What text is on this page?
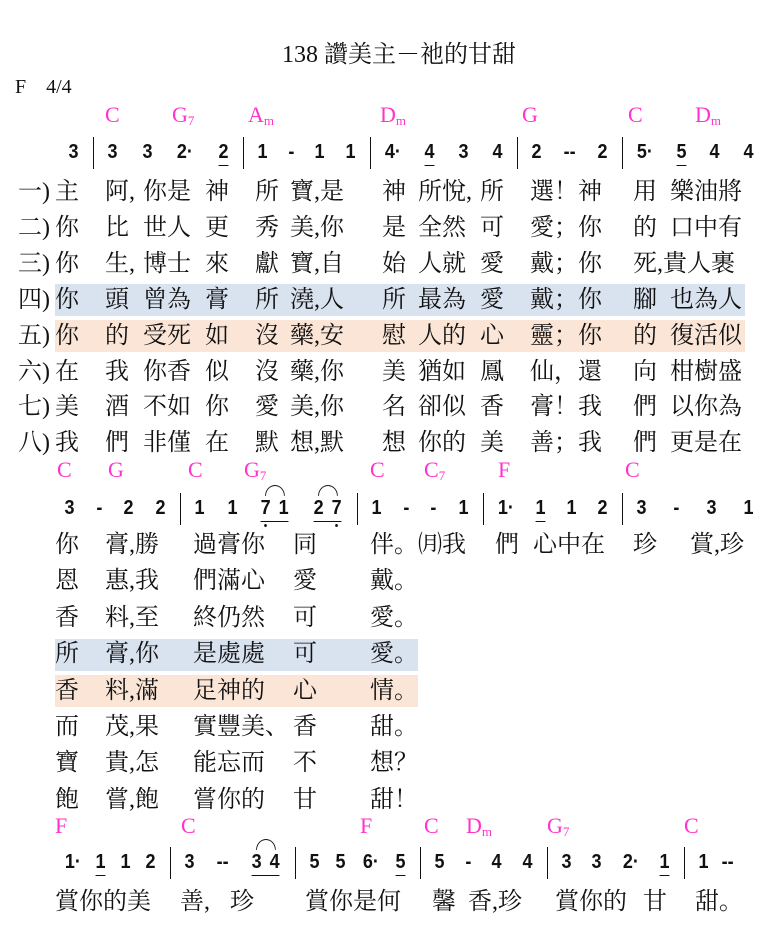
138 讚美主－祂的甘甜
F　4/4
C $G_7$ $A_m$	$D_m$	G	C $D_m$
3 3 3 2· 2 1 - 1 1 4· 4 3 4 2 -- 2 5· 5 4 4
一) 主 阿, 你是 神 所 寶,是 神 所悅, 所 選！神 用 樂油將
二) 你 比 世人 更 秀 美,你 是 全然 可 愛；你 的 口中有
三) 你 生, 博士 來 獻 寶,自 始 人就 愛 戴；你 死,貴人裹
四) 你 頭 曾為 膏 所 澆,人 所 最為 愛 戴；你 腳 也為人
五) 你 的 受死 如 沒 藥,安 慰 人的 心 靈；你 的 復活似
六) 在 我 你香 似 沒 藥,你 美 猶如 鳳 仙，還 向 柑樹盛
七) 美 酒 不如 你 愛 美,你 名 卻似 香 膏！我 們 以你為
八) 我 們 非僅 在 默 想,默 想 你的 美 善；我 們 更是在
C G	C $G_7$	C $C_7$ F	C
3 - 2 2 1 1 7 1 2 7 1 - - 1 1· 1 1 2 3 - 3 1
你 膏,勝 過膏你 同 伴。 ㈪我 們 心中在 珍 賞,珍
恩 惠,我 們滿心 愛 戴。
香 料,至 終仍然 可 愛。
所 膏,你 是處處 可 愛。
香 料,滿 足神的 心 情。
而 茂,果 實豐美、 香 甜。
寶 貴,怎 能忘而 不 想？
飽 嘗,飽 嘗你的 甘 甜！
F	C	F C $D_m$ $G_7$	C
1· 1 1 2 3 -- 3 4 5 5 6· 5 5 - 4 4 3 3 2· 1 1 --
賞你的美 善, 珍 賞你是何 馨 香,珍 賞你的 甘 甜。
